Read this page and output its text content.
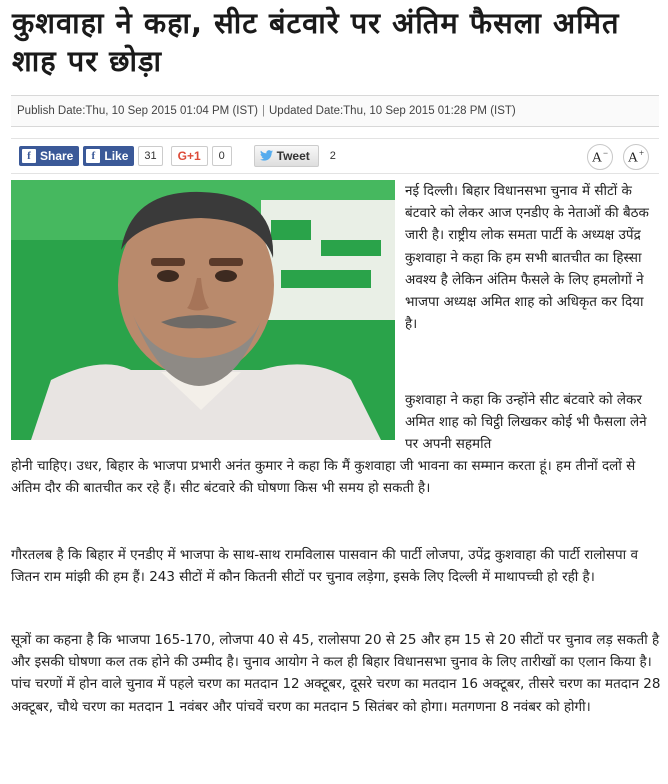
कुशवाहा ने कहा, सीट बंटवारे पर अंतिम फैसला अमित शाह पर छोड़ा
Publish Date:Thu, 10 Sep 2015 01:04 PM (IST) | Updated Date:Thu, 10 Sep 2015 01:28 PM (IST)
f Share	f Like	31	G+1	0	Tweet	2	A− A+

नई दिल्ली। बिहार विधानसभा चुनाव में सीटों के बंटवारे को लेकर आज एनडीए के नेताओं की बैठक जारी है। राष्ट्रीय लोक समता पार्टी के अध्यक्ष उपेंद्र कुशवाहा ने कहा कि हम सभी बातचीत का हिस्सा अवश्य है लेकिन अंतिम फैसले के लिए हमलोगों ने भाजपा अध्यक्ष अमित शाह को अधिकृत कर दिया है।

कुशवाहा ने कहा कि उन्होंने सीट बंटवारे को लेकर अमित शाह को चिट्ठी लिखकर कोई भी फैसला लेने पर अपनी सहमति

होनी चाहिए। उधर, बिहार के भाजपा प्रभारी अनंत कुमार ने कहा कि मैं कुशवाहा जी भावना का सम्मान करता हूं। हम तीनों दलों से अंतिम दौर की बातचीत कर रहे हैं। सीट बंटवारे की घोषणा किस भी समय हो सकती है।

गौरतलब है कि बिहार में एनडीए में भाजपा के साथ-साथ रामविलास पासवान की पार्टी लोजपा, उपेंद्र कुशवाहा की पार्टी रालोसपा व जितन राम मांझी की हम हैं। 243 सीटों में कौन कितनी सीटों पर चुनाव लड़ेगा, इसके लिए दिल्ली में माथापच्ची हो रही है।

सूत्रों का कहना है कि भाजपा 165-170, लोजपा 40 से 45, रालोसपा 20 से 25 और हम 15 से 20 सीटों पर चुनाव लड़ सकती है और इसकी घोषणा कल तक होने की उम्मीद है। चुनाव आयोग ने कल ही बिहार विधानसभा चुनाव के लिए तारीखों का एलान किया है। पांच चरणों में होन वाले चुनाव में पहले चरण का मतदान 12 अक्टूबर, दूसरे चरण का मतदान 16 अक्टूबर, तीसरे चरण का मतदान 28 अक्टूबर, चौथे चरण का मतदान 1 नवंबर और पांचवें चरण का मतदान 5 सितंबर को होगा। मतगणना 8 नवंबर को होगी।
